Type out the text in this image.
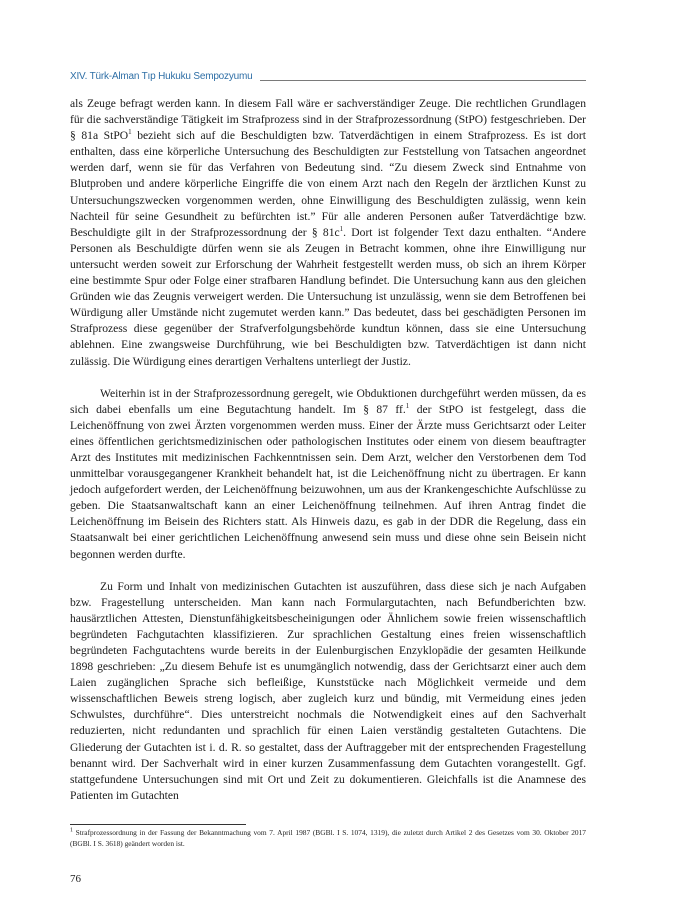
XIV. Türk-Alman Tıp Hukuku Sempozyumu

als Zeuge befragt werden kann. In diesem Fall wäre er sachverständiger Zeuge. Die rechtlichen Grundlagen für die sachverständige Tätigkeit im Strafprozess sind in der Strafprozessordnung (StPO) festgeschrieben. Der § 81a StPO$^1$ bezieht sich auf die Beschuldigten bzw. Tatverdächtigen in einem Strafprozess. Es ist dort enthalten, dass eine körperliche Untersuchung des Beschuldigten zur Feststellung von Tatsachen angeordnet werden darf, wenn sie für das Verfahren von Bedeutung sind. “Zu diesem Zweck sind Entnahme von Blutproben und andere körperliche Eingriffe die von einem Arzt nach den Regeln der ärztlichen Kunst zu Untersuchungszwecken vorgenommen werden, ohne Einwilligung des Beschuldigten zulässig, wenn kein Nachteil für seine Gesundheit zu befürchten ist.” Für alle anderen Personen außer Tatverdächtige bzw. Beschuldigte gilt in der Strafprozessordnung der § $81c^1$. Dort ist folgender Text dazu enthalten. “Andere Personen als Beschuldigte dürfen wenn sie als Zeugen in Betracht kommen, ohne ihre Einwilligung nur untersucht werden soweit zur Erforschung der Wahrheit festgestellt werden muss, ob sich an ihrem Körper eine bestimmte Spur oder Folge einer strafbaren Handlung befindet. Die Untersuchung kann aus den gleichen Gründen wie das Zeugnis verweigert werden. Die Untersuchung ist unzulässig, wenn sie dem Betroffenen bei Würdigung aller Umstände nicht zugemutet werden kann.” Das bedeutet, dass bei geschädigten Personen im Strafprozess diese gegenüber der Strafverfolgungsbehörde kundtun können, dass sie eine Untersuchung ablehnen. Eine zwangsweise Durchführung, wie bei Beschuldigten bzw. Tatverdächtigen ist dann nicht zulässig. Die Würdigung eines derartigen Verhaltens unterliegt der Justiz.

Weiterhin ist in der Strafprozessordnung geregelt, wie Obduktionen durchgeführt werden müssen, da es sich dabei ebenfalls um eine Begutachtung handelt. Im § 87 ff.$^1$ der StPO ist festgelegt, dass die Leichenöffnung von zwei Ärzten vorgenommen werden muss. Einer der Ärzte muss Gerichtsarzt oder Leiter eines öffentlichen gerichtsmedizinischen oder pathologischen Institutes oder einem von diesem beauftragter Arzt des Institutes mit medizinischen Fachkenntnissen sein. Dem Arzt, welcher den Verstorbenen dem Tod unmittelbar vorausgegangener Krankheit behandelt hat, ist die Leichenöffnung nicht zu übertragen. Er kann jedoch aufgefordert werden, der Leichenöffnung beizuwohnen, um aus der Krankengeschichte Aufschlüsse zu geben. Die Staatsanwaltschaft kann an einer Leichenöffnung teilnehmen. Auf ihren Antrag findet die Leichenöffnung im Beisein des Richters statt. Als Hinweis dazu, es gab in der DDR die Regelung, dass ein Staatsanwalt bei einer gerichtlichen Leichenöffnung anwesend sein muss und diese ohne sein Beisein nicht begonnen werden durfte.

Zu Form und Inhalt von medizinischen Gutachten ist auszuführen, dass diese sich je nach Aufgaben bzw. Fragestellung unterscheiden. Man kann nach Formulargutachten, nach Befundberichten bzw. hausärztlichen Attesten, Dienstunfähigkeitsbescheinigungen oder Ähnlichem sowie freien wissenschaftlich begründeten Fachgutachten klassifizieren. Zur sprachlichen Gestaltung eines freien wissenschaftlich begründeten Fachgutachtens wurde bereits in der Eulenburgischen Enzyklopädie der gesamten Heilkunde 1898 geschrieben: „Zu diesem Behufe ist es unumgänglich notwendig, dass der Gerichtsarzt einer auch dem Laien zugänglichen Sprache sich befleißige, Kunststücke nach Möglichkeit vermeide und dem wissenschaftlichen Beweis streng logisch, aber zugleich kurz und bündig, mit Vermeidung eines jeden Schwulstes, durchführe“. Dies unterstreicht nochmals die Notwendigkeit eines auf den Sachverhalt reduzierten, nicht redundanten und sprachlich für einen Laien verständig gestalteten Gutachtens. Die Gliederung der Gutachten ist i. d. R. so gestaltet, dass der Auftraggeber mit der entsprechenden Fragestellung benannt wird. Der Sachverhalt wird in einer kurzen Zusammenfassung dem Gutachten vorangestellt. Ggf. stattgefundene Untersuchungen sind mit Ort und Zeit zu dokumentieren. Gleichfalls ist die Anamnese des Patienten im Gutachten

$^1$ Strafprozessordnung in der Fassung der Bekanntmachung vom 7. April 1987 (BGBl. I S. 1074, 1319), die zuletzt durch Artikel 2 des Gesetzes vom 30. Oktober 2017 (BGBl. I S. 3618) geändert worden ist.
76
